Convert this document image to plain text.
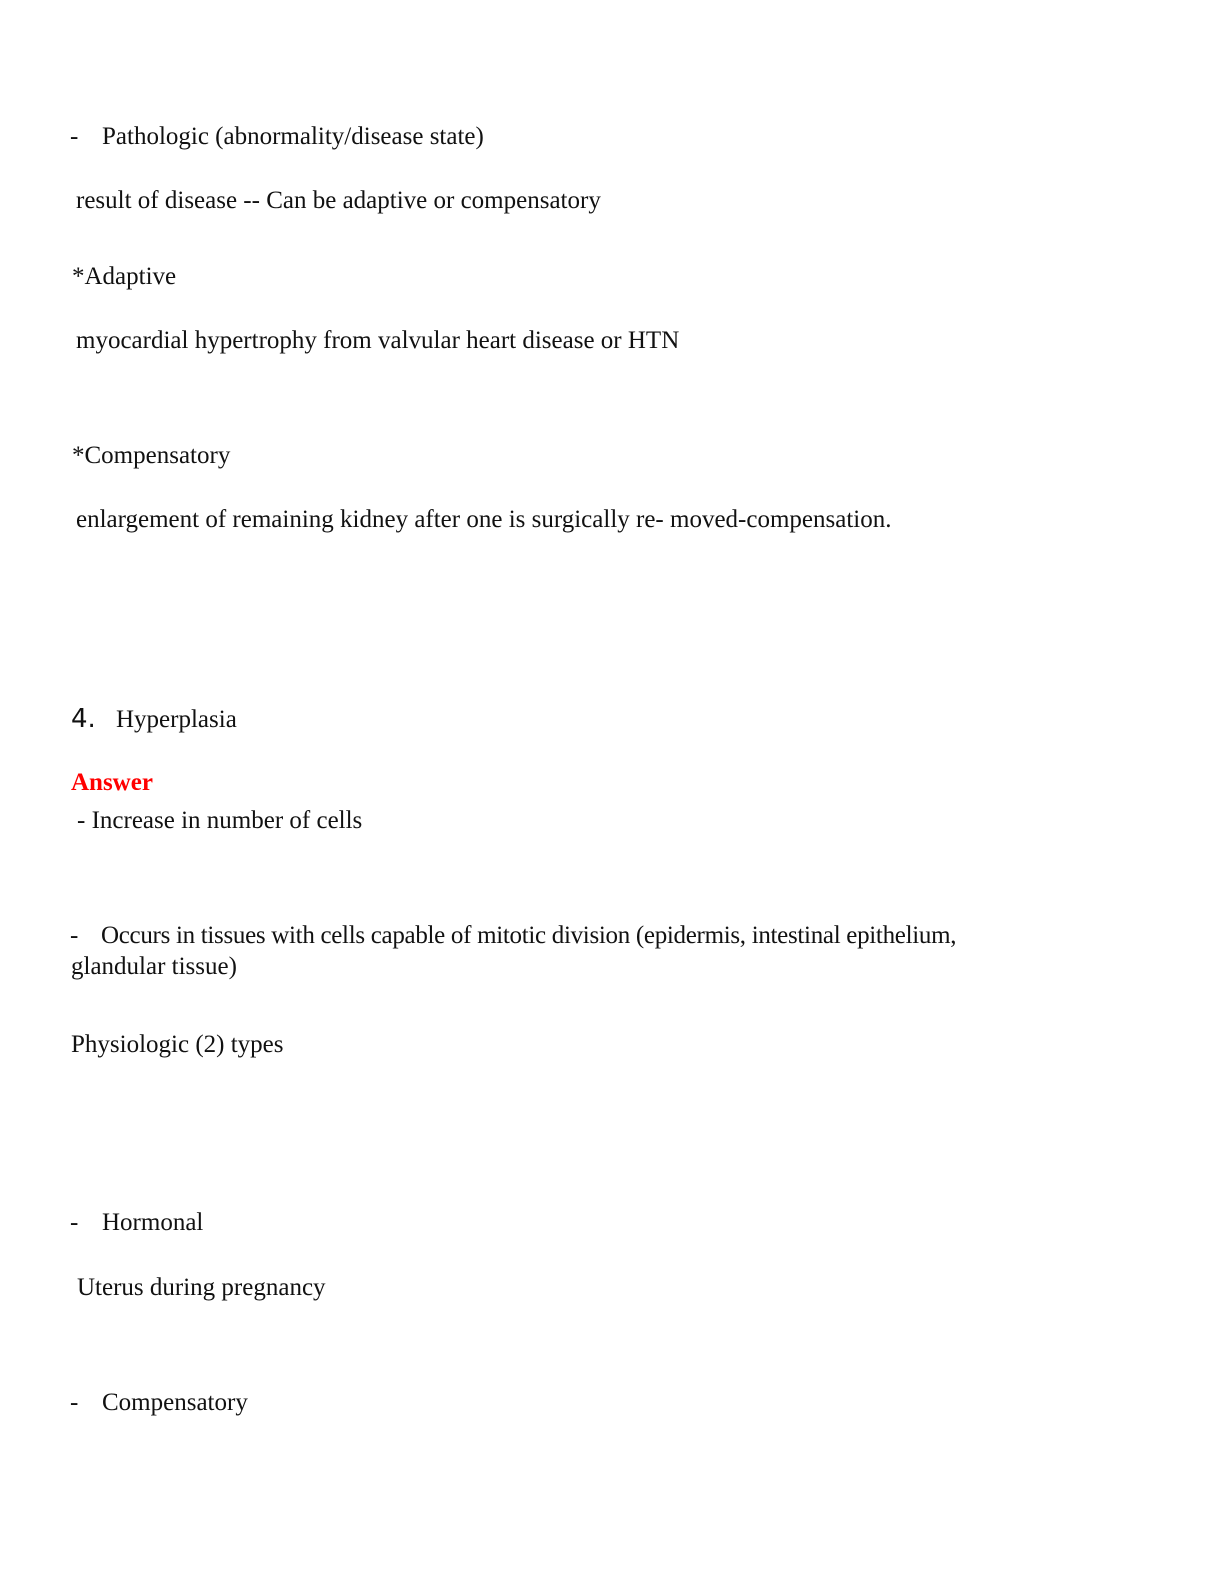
- Pathologic (abnormality/disease state)
result of disease -- Can be adaptive or compensatory
*Adaptive
myocardial hypertrophy from valvular heart disease or HTN
*Compensatory
enlargement of remaining kidney after one is surgically re- moved-compensation.
4. Hyperplasia
Answer
- Increase in number of cells
- Occurs in tissues with cells capable of mitotic division (epidermis, intestinal epithelium,
glandular tissue)
Physiologic (2) types
- Hormonal
Uterus during pregnancy
- Compensatory
